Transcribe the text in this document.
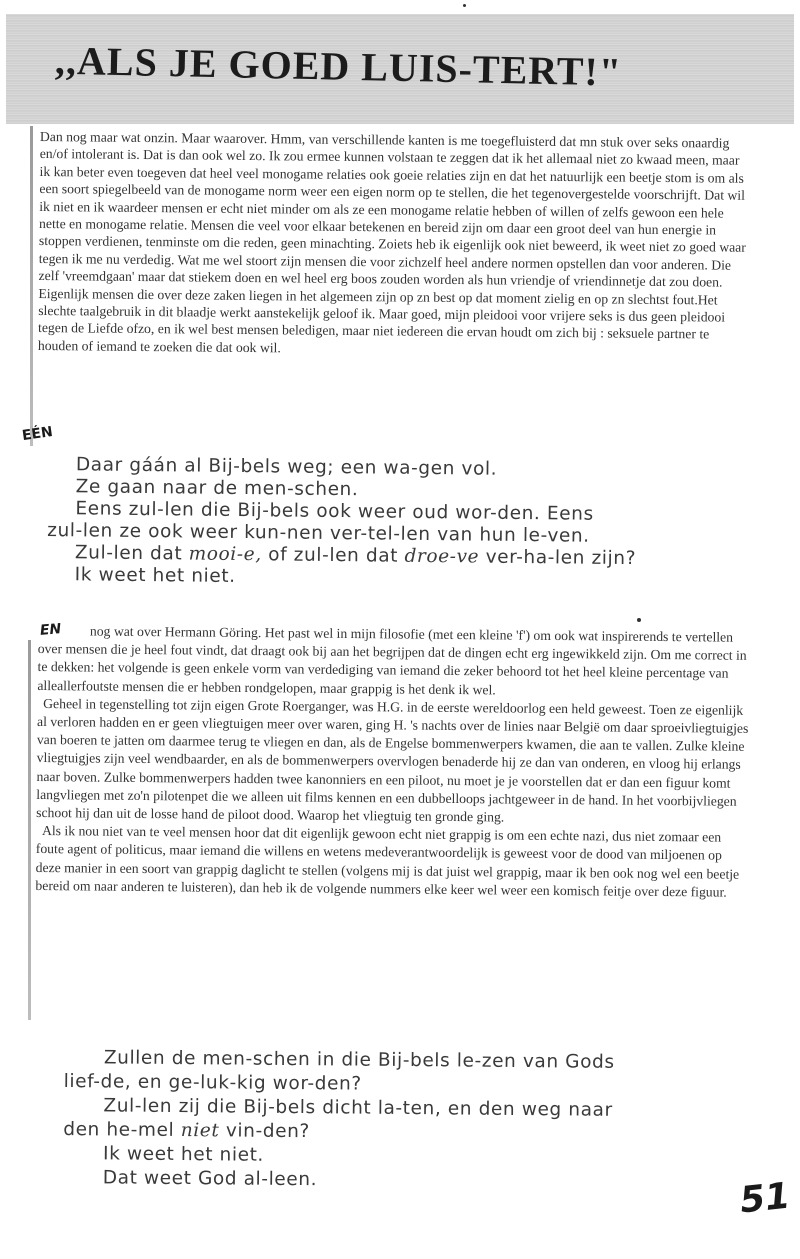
,,ALS JE GOED LUIS-TERT!"

Dan nog maar wat onzin. Maar waarover. Hmm, van verschillende kanten is me toegefluisterd dat mn stuk over seks onaardig en/of intolerant is. Dat is dan ook wel zo. Ik zou ermee kunnen volstaan te zeggen dat ik het allemaal niet zo kwaad meen, maar ik kan beter even toegeven dat heel veel monogame relaties ook goeie relaties zijn en dat het natuurlijk een beetje stom is om als een soort spiegelbeeld van de monogame norm weer een eigen norm op te stellen, die het tegenovergestelde voorschrijft. Dat wil ik niet en ik waardeer mensen er echt niet minder om als ze een monogame relatie hebben of willen of zelfs gewoon een hele nette en monogame relatie. Mensen die veel voor elkaar betekenen en bereid zijn om daar een groot deel van hun energie in stoppen verdienen, tenminste om die reden, geen minachting. Zoiets heb ik eigenlijk ook niet beweerd, ik weet niet zo goed waar tegen ik me nu verdedig. Wat me wel stoort zijn mensen die voor zichzelf heel andere normen opstellen dan voor anderen. Die zelf 'vreemdgaan' maar dat stiekem doen en wel heel erg boos zouden worden als hun vriendje of vriendinnetje dat zou doen. Eigenlijk mensen die over deze zaken liegen in het algemeen zijn op zn best op dat moment zielig en op zn slechtst fout.Het slechte taalgebruik in dit blaadje werkt aanstekelijk geloof ik. Maar goed, mijn pleidooi voor vrijere seks is dus geen pleidooi tegen de Liefde ofzo, en ik wel best mensen beledigen, maar niet iedereen die ervan houdt om zich bij : seksuele partner te houden of iemand te zoeken die dat ook wil.

EÉN

Daar gáán al Bij-bels weg; een wa-gen vol.

Ze gaan naar de men-schen.

Eens zul-len die Bij-bels ook weer oud wor-den. Eens

zul-len ze ook weer kun-nen ver-tel-len van hun le-ven.

Zul-len dat mooi-e, of zul-len dat droe-ve ver-ha-len zijn?

Ik weet het niet.

EN	nog wat over Hermann Göring. Het past wel in mijn filosofie (met een kleine 'f') om ook wat inspirerends te vertellen over mensen die je heel fout vindt, dat draagt ook bij aan het begrijpen dat de dingen echt erg ingewikkeld zijn. Om me correct in te dekken: het volgende is geen enkele vorm van verdediging van iemand die zeker behoord tot het heel kleine percentage van alleallerfoutste mensen die er hebben rondgelopen, maar grappig is het denk ik wel.

Geheel in tegenstelling tot zijn eigen Grote Roerganger, was H.G. in de eerste wereldoorlog een held geweest. Toen ze eigenlijk al verloren hadden en er geen vliegtuigen meer over waren, ging H. 's nachts over de linies naar België om daar sproeivliegtuigjes van boeren te jatten om daarmee terug te vliegen en dan, als de Engelse bommenwerpers kwamen, die aan te vallen. Zulke kleine vliegtuigjes zijn veel wendbaarder, en als de bommenwerpers overvlogen benaderde hij ze dan van onderen, en vloog hij erlangs naar boven. Zulke bommenwerpers hadden twee kanonniers en een piloot, nu moet je je voorstellen dat er dan een figuur komt langvliegen met zo'n pilotenpet die we alleen uit films kennen en een dubbelloops jachtgeweer in de hand. In het voorbijvliegen schoot hij dan uit de losse hand de piloot dood. Waarop het vliegtuig ten gronde ging.

Als ik nou niet van te veel mensen hoor dat dit eigenlijk gewoon echt niet grappig is om een echte nazi, dus niet zomaar een foute agent of politicus, maar iemand die willens en wetens medeverantwoordelijk is geweest voor de dood van miljoenen op deze manier in een soort van grappig daglicht te stellen (volgens mij is dat juist wel grappig, maar ik ben ook nog wel een beetje bereid om naar anderen te luisteren), dan heb ik de volgende nummers elke keer wel weer een komisch feitje over deze figuur.

Zullen de men-schen in die Bij-bels le-zen van Gods

lief-de, en ge-luk-kig wor-den?

Zul-len zij die Bij-bels dicht la-ten, en den weg naar

den he-mel niet vin-den?

Ik weet het niet.

Dat weet God al-leen.	51
